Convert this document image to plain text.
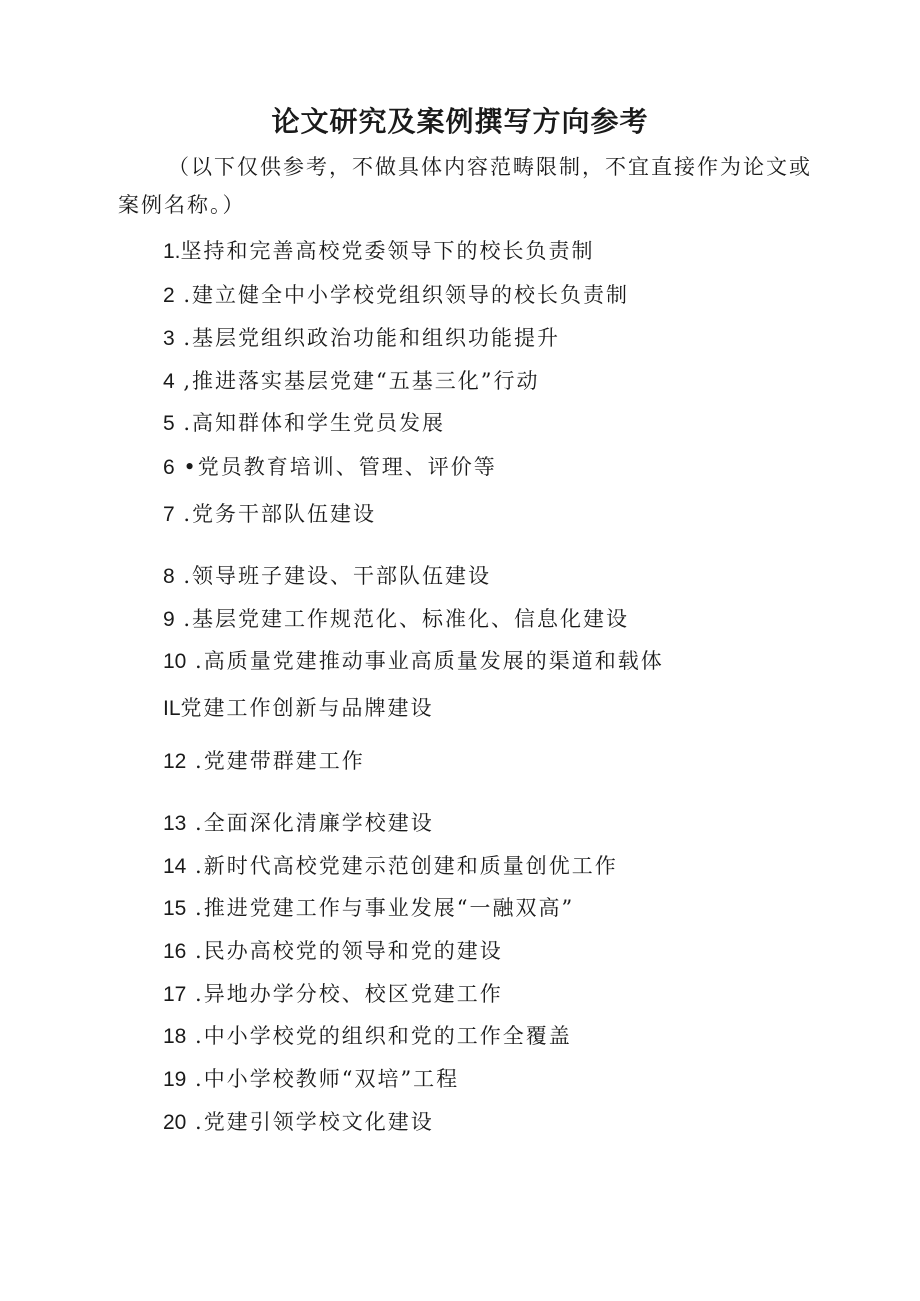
论文研究及案例撰写方向参考
（以下仅供参考，不做具体内容范畴限制，不宜直接作为论文或案例名称。）
1.坚持和完善高校党委领导下的校长负责制
2 .建立健全中小学校党组织领导的校长负责制
3 .基层党组织政治功能和组织功能提升
4 ,推进落实基层党建“五基三化”行动
5 .高知群体和学生党员发展
6 •党员教育培训、管理、评价等
7 .党务干部队伍建设
8 .领导班子建设、干部队伍建设
9 .基层党建工作规范化、标准化、信息化建设
10 .高质量党建推动事业高质量发展的渠道和载体
IL党建工作创新与品牌建设
12 .党建带群建工作
13 .全面深化清廉学校建设
14 .新时代高校党建示范创建和质量创优工作
15 .推进党建工作与事业发展“一融双高”
16 .民办高校党的领导和党的建设
17 .异地办学分校、校区党建工作
18 .中小学校党的组织和党的工作全覆盖
19 .中小学校教师“双培”工程
20 .党建引领学校文化建设
